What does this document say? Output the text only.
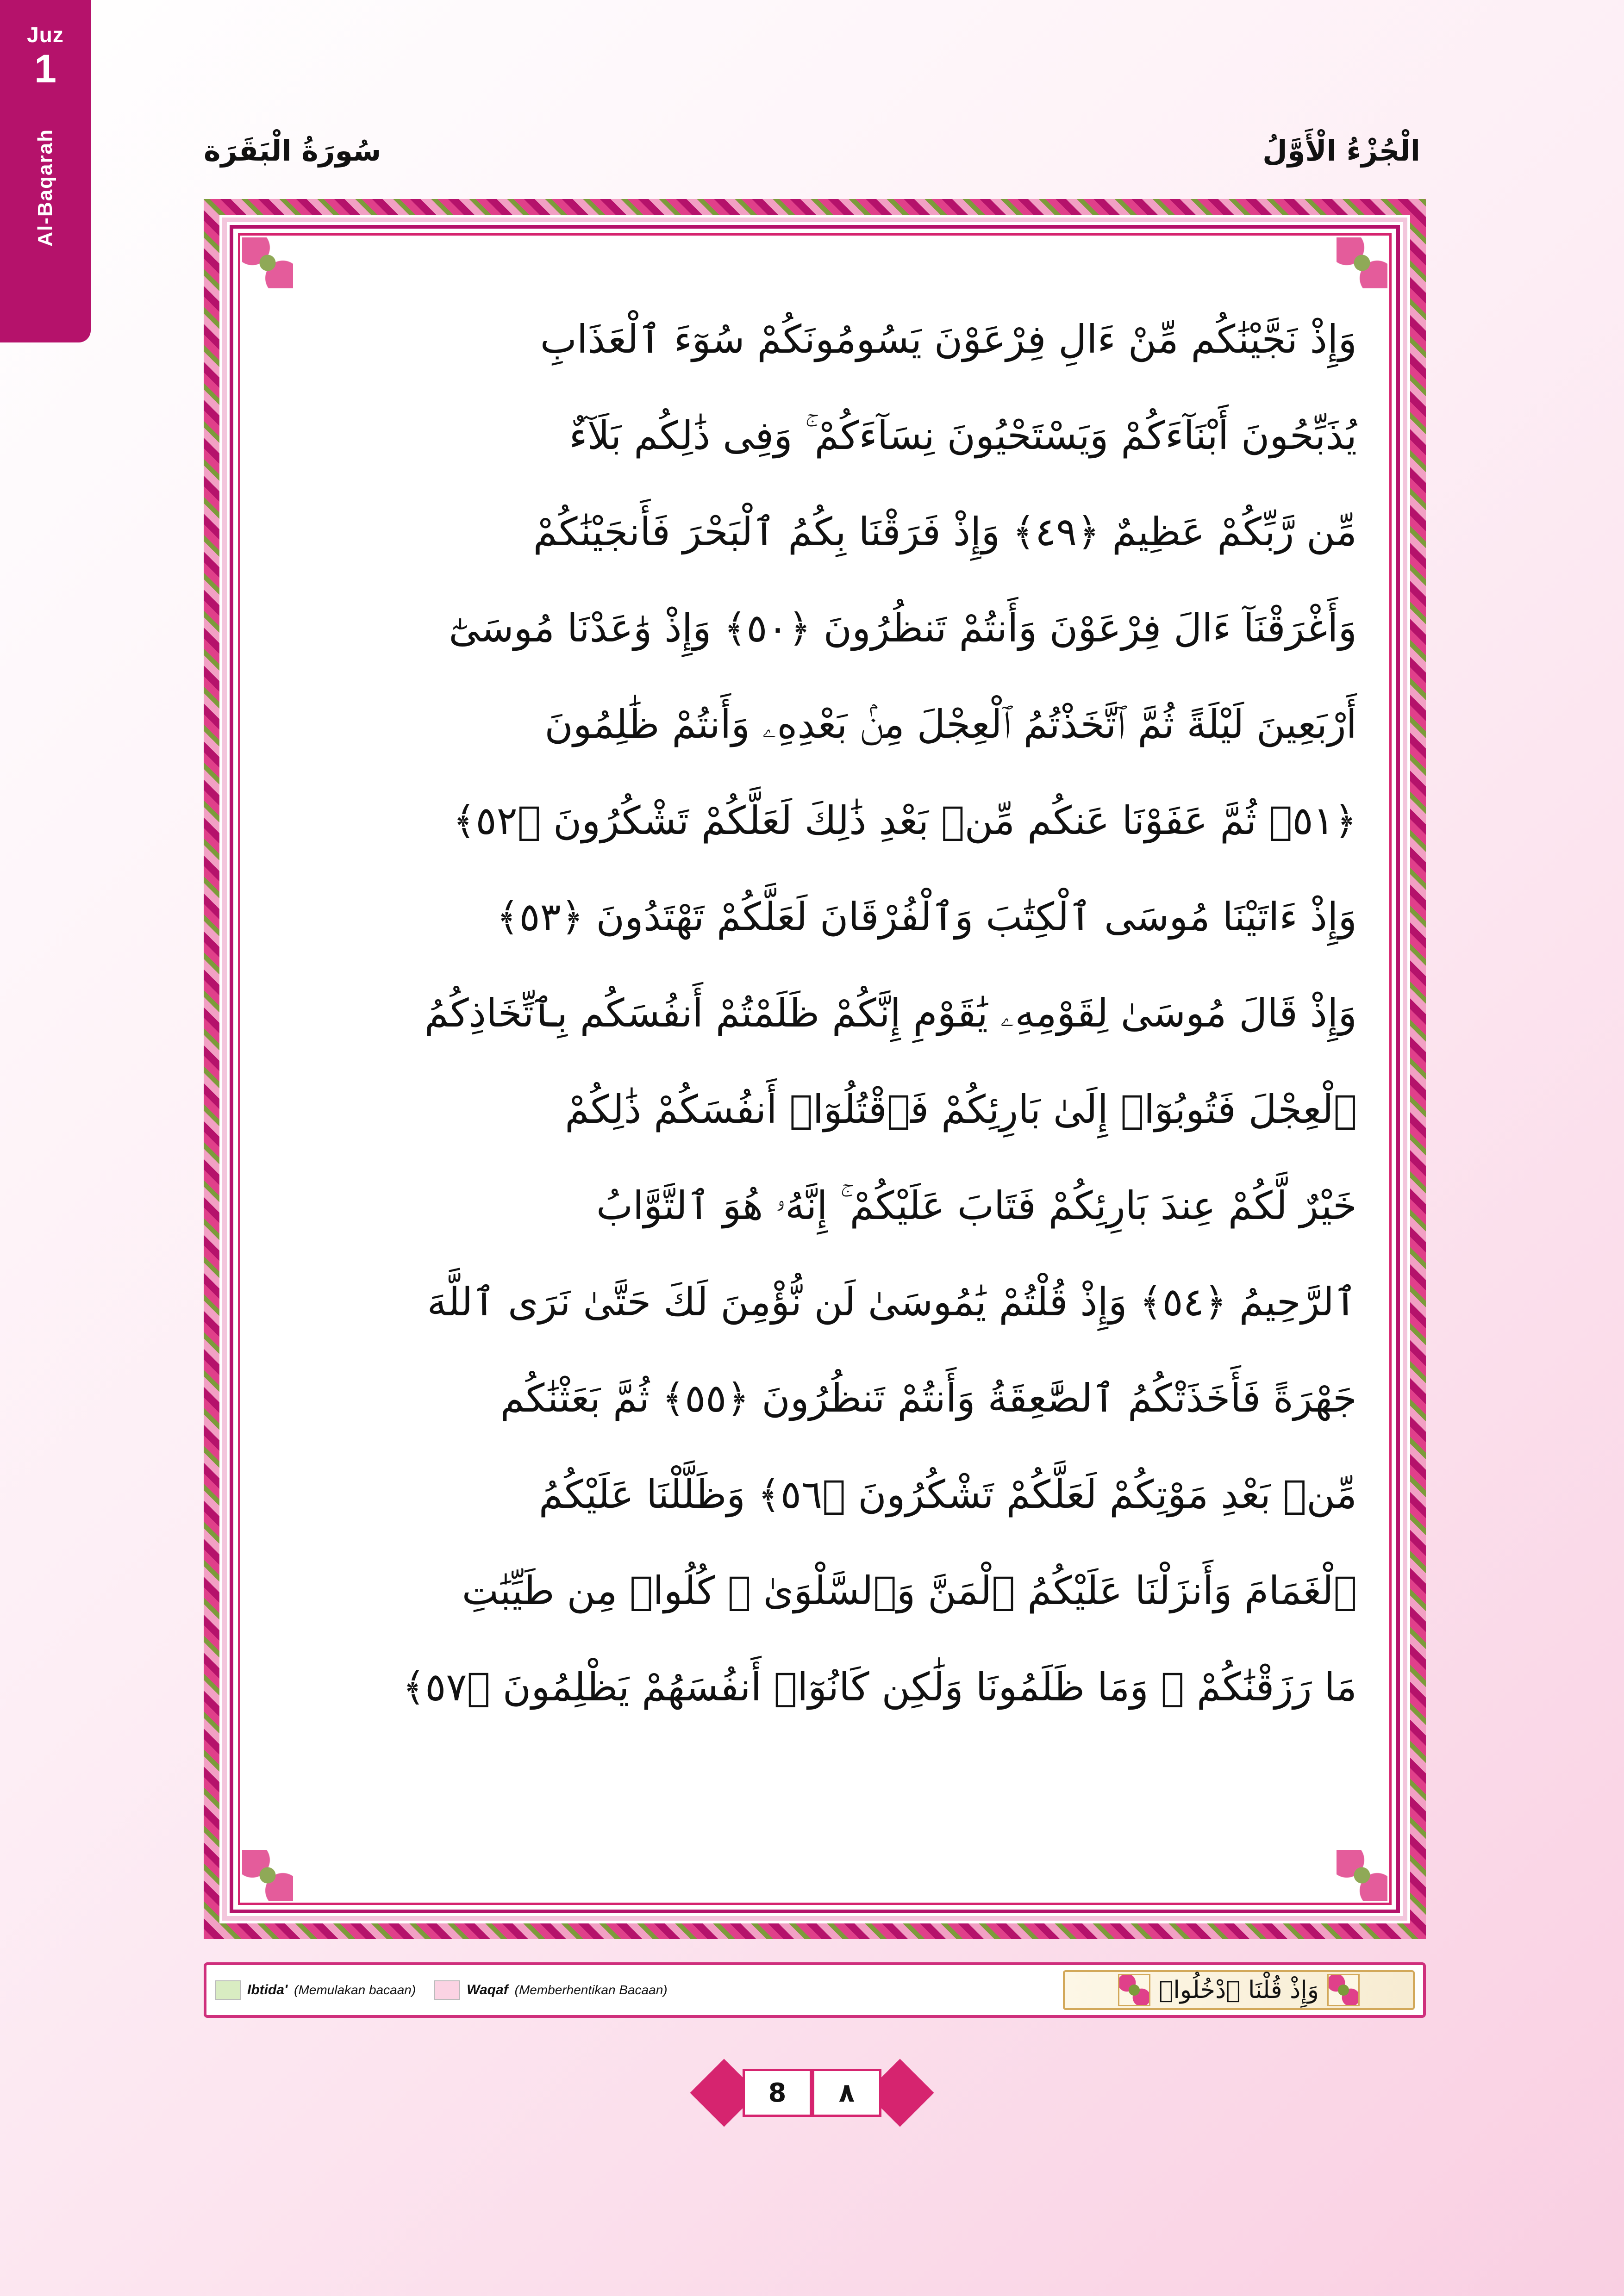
Juz
1
Al-Baqarah	الْجُزْءُ الْأَوَّلُ
سُورَةُ الْبَقَرَة
وَإِذْ نَجَّيْنَٰكُم مِّنْ ءَالِ فِرْعَوْنَ يَسُومُونَكُمْ سُوٓءَ ٱلْعَذَابِ
يُذَبِّحُونَ أَبْنَآءَكُمْ وَيَسْتَحْيُونَ نِسَآءَكُمْ ۚ وَفِى ذَٰلِكُم بَلَآءٌ
مِّن رَّبِّكُمْ عَظِيمٌ ﴿٤٩﴾ وَإِذْ فَرَقْنَا بِكُمُ ٱلْبَحْرَ فَأَنجَيْنَٰكُمْ
وَأَغْرَقْنَآ ءَالَ فِرْعَوْنَ وَأَنتُمْ تَنظُرُونَ ﴿٥٠﴾ وَإِذْ وَٰعَدْنَا مُوسَىٰٓ
أَرْبَعِينَ لَيْلَةً ثُمَّ ٱتَّخَذْتُمُ ٱلْعِجْلَ مِنۢ بَعْدِهِۦ وَأَنتُمْ ظَٰلِمُونَ
﴿٥١﴾ ثُمَّ عَفَوْنَا عَنكُم مِّنۢ بَعْدِ ذَٰلِكَ لَعَلَّكُمْ تَشْكُرُونَ ﴿٥٢﴾
وَإِذْ ءَاتَيْنَا مُوسَى ٱلْكِتَٰبَ وَٱلْفُرْقَانَ لَعَلَّكُمْ تَهْتَدُونَ ﴿٥٣﴾
وَإِذْ قَالَ مُوسَىٰ لِقَوْمِهِۦ يَٰقَوْمِ إِنَّكُمْ ظَلَمْتُمْ أَنفُسَكُم بِٱتِّخَاذِكُمُ
ٱلْعِجْلَ فَتُوبُوٓا۟ إِلَىٰ بَارِئِكُمْ فَٱقْتُلُوٓا۟ أَنفُسَكُمْ ذَٰلِكُمْ
خَيْرٌ لَّكُمْ عِندَ بَارِئِكُمْ فَتَابَ عَلَيْكُمْ ۚ إِنَّهُۥ هُوَ ٱلتَّوَّابُ
ٱلرَّحِيمُ ﴿٥٤﴾ وَإِذْ قُلْتُمْ يَٰمُوسَىٰ لَن نُّؤْمِنَ لَكَ حَتَّىٰ نَرَى ٱللَّهَ
جَهْرَةً فَأَخَذَتْكُمُ ٱلصَّٰعِقَةُ وَأَنتُمْ تَنظُرُونَ ﴿٥٥﴾ ثُمَّ بَعَثْنَٰكُم
مِّنۢ بَعْدِ مَوْتِكُمْ لَعَلَّكُمْ تَشْكُرُونَ ﴿٥٦﴾ وَظَلَّلْنَا عَلَيْكُمُ
ٱلْغَمَامَ وَأَنزَلْنَا عَلَيْكُمُ ٱلْمَنَّ وَٱلسَّلْوَىٰ ۖ كُلُوا۟ مِن طَيِّبَٰتِ
مَا رَزَقْنَٰكُمْ ۖ وَمَا ظَلَمُونَا وَلَٰكِن كَانُوٓا۟ أَنفُسَهُمْ يَظْلِمُونَ ﴿٥٧﴾
وَإِذْ قُلْنَا ٱدْخُلُوا۟
Ibtida' (Memulakan bacaan)	Waqaf (Memberhentikan Bacaan)
8	٨
